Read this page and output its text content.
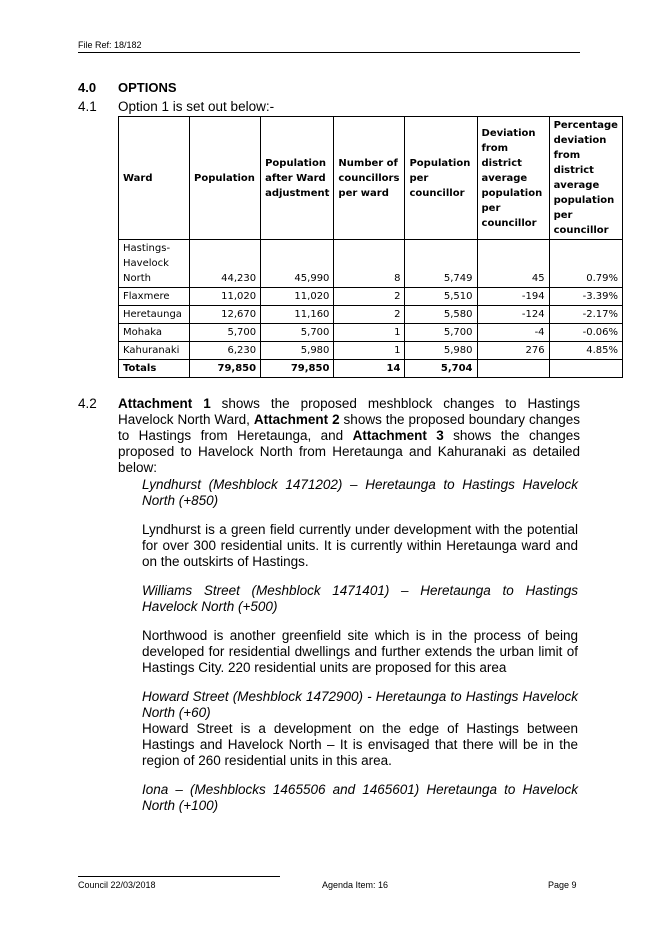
File Ref: 18/182
4.0 OPTIONS
4.1 Option 1 is set out below:-
Ward	Population	Population after Ward adjustment	Number of councillors per ward	Population per councillor	Deviation from district average population per councillor	Percentage deviation from district average population per councillor

Hastings-
Havelock
North	44,230	45,990	8	5,749	45	0.79%
Flaxmere	11,020	11,020	2	5,510	-194	-3.39%
Heretaunga	12,670	11,160	2	5,580	-124	-2.17%
Mohaka	5,700	5,700	1	5,700	-4	-0.06%
Kahuranaki	6,230	5,980	1	5,980	276	4.85%
Totals	79,850	79,850	14	5,704		
4.2 Attachment 1 shows the proposed meshblock changes to Hastings Havelock North Ward, Attachment 2 shows the proposed boundary changes to Hastings from Heretaunga, and Attachment 3 shows the changes proposed to Havelock North from Heretaunga and Kahuranaki as detailed below:
Lyndhurst (Meshblock 1471202) – Heretaunga to Hastings Havelock North (+850)
Lyndhurst is a green field currently under development with the potential for over 300 residential units. It is currently within Heretaunga ward and on the outskirts of Hastings.
Williams Street (Meshblock 1471401) – Heretaunga to Hastings Havelock North (+500)
Northwood is another greenfield site which is in the process of being developed for residential dwellings and further extends the urban limit of Hastings City. 220 residential units are proposed for this area
Howard Street (Meshblock 1472900) - Heretaunga to Hastings Havelock North (+60)
Howard Street is a development on the edge of Hastings between Hastings and Havelock North – It is envisaged that there will be in the region of 260 residential units in this area.
Iona – (Meshblocks 1465506 and 1465601) Heretaunga to Havelock North (+100)
Council 22/03/2018	Agenda Item: 16	Page 9
